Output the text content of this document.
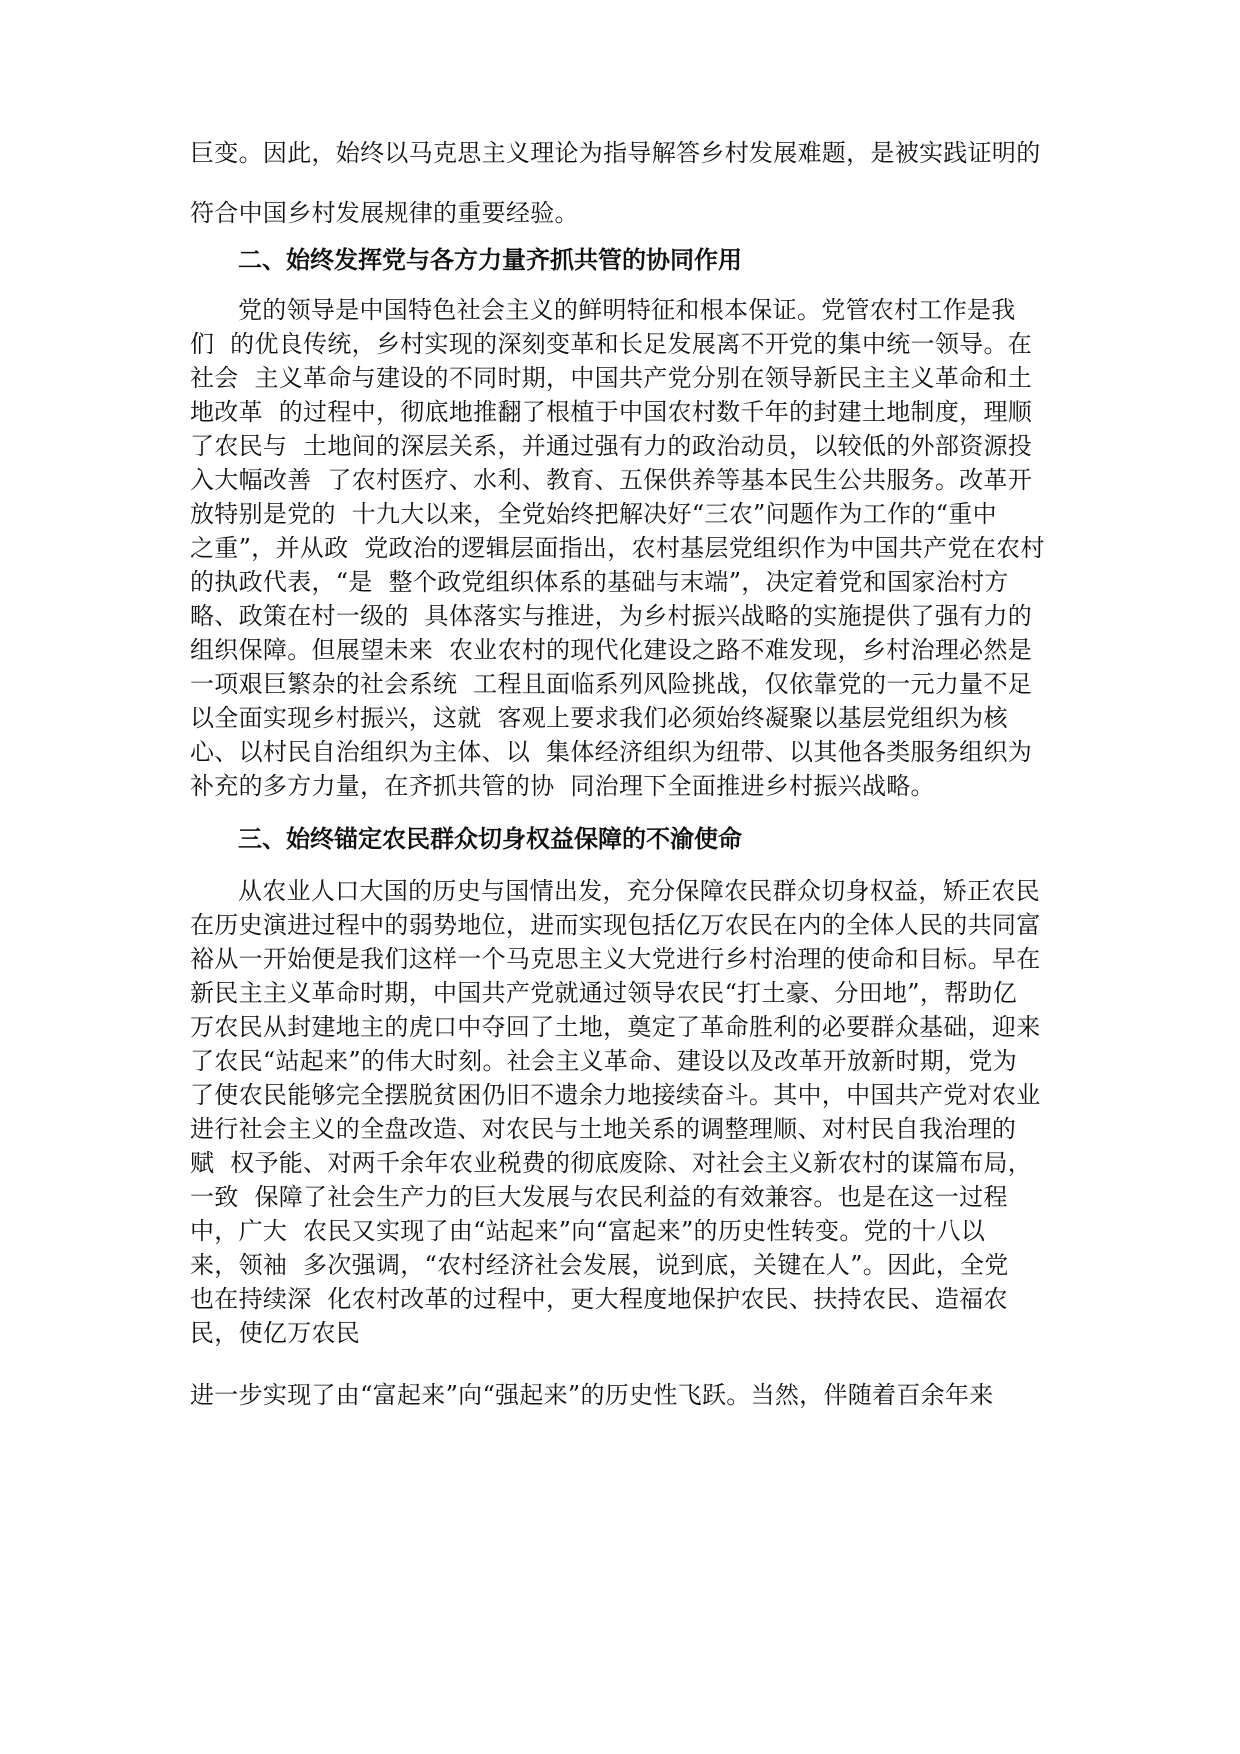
巨变。因此，始终以马克思主义理论为指导解答乡村发展难题，是被实践证明的

符合中国乡村发展规律的重要经验。

二、始终发挥党与各方力量齐抓共管的协同作用

党的领导是中国特色社会主义的鲜明特征和根本保证。党管农村工作是我

们  的优良传统，乡村实现的深刻变革和长足发展离不开党的集中统一领导。在

社会  主义革命与建设的不同时期，中国共产党分别在领导新民主主义革命和土

地改革  的过程中，彻底地推翻了根植于中国农村数千年的封建土地制度，理顺

了农民与  土地间的深层关系，并通过强有力的政治动员，以较低的外部资源投

入大幅改善  了农村医疗、水利、教育、五保供养等基本民生公共服务。改革开

放特别是党的  十九大以来，全党始终把解决好“三农”问题作为工作的“重中

之重”，并从政  党政治的逻辑层面指出，农村基层党组织作为中国共产党在农村

的执政代表，“是  整个政党组织体系的基础与末端”，决定着党和国家治村方

略、政策在村一级的  具体落实与推进，为乡村振兴战略的实施提供了强有力的

组织保障。但展望未来  农业农村的现代化建设之路不难发现，乡村治理必然是

一项艰巨繁杂的社会系统  工程且面临系列风险挑战，仅依靠党的一元力量不足

以全面实现乡村振兴，这就  客观上要求我们必须始终凝聚以基层党组织为核

心、以村民自治组织为主体、以  集体经济组织为纽带、以其他各类服务组织为

补充的多方力量，在齐抓共管的协  同治理下全面推进乡村振兴战略。

三、始终锚定农民群众切身权益保障的不渝使命

从农业人口大国的历史与国情出发，充分保障农民群众切身权益，矫正农民

在历史演进过程中的弱势地位，进而实现包括亿万农民在内的全体人民的共同富

裕从一开始便是我们这样一个马克思主义大党进行乡村治理的使命和目标。早在

新民主主义革命时期，中国共产党就通过领导农民“打土豪、分田地”，帮助亿

万农民从封建地主的虎口中夺回了土地，奠定了革命胜利的必要群众基础，迎来

了农民“站起来”的伟大时刻。社会主义革命、建设以及改革开放新时期，党为

了使农民能够完全摆脱贫困仍旧不遗余力地接续奋斗。其中，中国共产党对农业

进行社会主义的全盘改造、对农民与土地关系的调整理顺、对村民自我治理的

赋  权予能、对两千余年农业税费的彻底废除、对社会主义新农村的谋篇布局，

一致  保障了社会生产力的巨大发展与农民利益的有效兼容。也是在这一过程

中，广大  农民又实现了由“站起来”向“富起来”的历史性转变。党的十八以

来，领袖  多次强调，“农村经济社会发展，说到底，关键在人”。因此，全党

也在持续深  化农村改革的过程中，更大程度地保护农民、扶持农民、造福农

民，使亿万农民

进一步实现了由“富起来”向“强起来”的历史性飞跃。当然，伴随着百余年来
